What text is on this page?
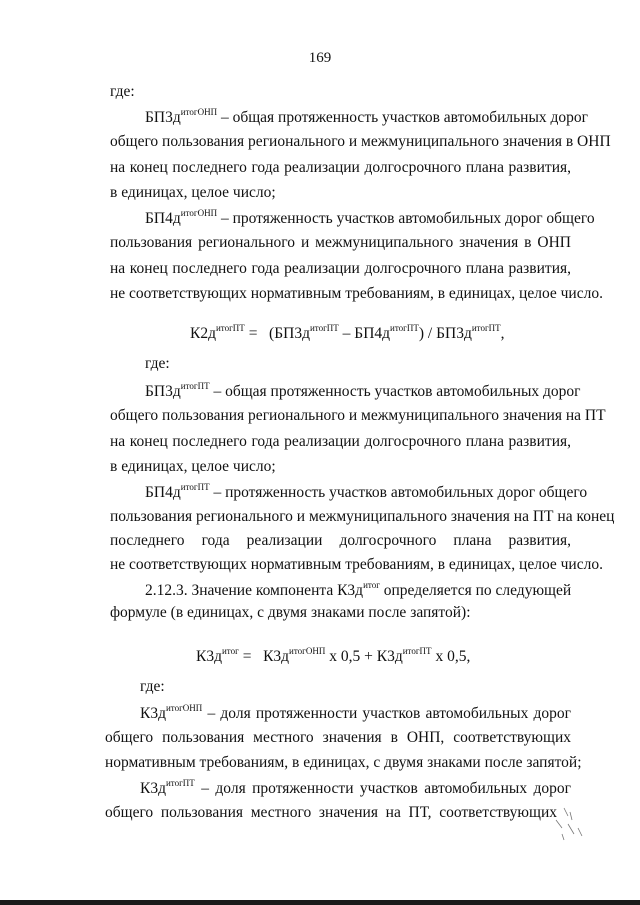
169
где:
$БП3д^{итогОНП}$ – общая протяженность участков автомобильных дорог
общего пользования регионального и межмуниципального значения в ОНП
на конец последнего года реализации долгосрочного плана развития,
в единицах, целое число;
$БП4д^{итогОНП}$ – протяженность участков автомобильных дорог общего
пользования регионального и межмуниципального значения в ОНП
на конец последнего года реализации долгосрочного плана развития,
не соответствующих нормативным требованиям, в единицах, целое число.
$К2д^{итогПТ} = (БП3д^{итогПТ} - БП4д^{итогПТ}) / БП3д^{итогПТ}$,
где:
$БП3д^{итогПТ}$ – общая протяженность участков автомобильных дорог
общего пользования регионального и межмуниципального значения на ПТ
на конец последнего года реализации долгосрочного плана развития,
в единицах, целое число;
$БП4д^{итогПТ}$ – протяженность участков автомобильных дорог общего
пользования регионального и межмуниципального значения на ПТ на конец
последнего года реализации долгосрочного плана развития,
не соответствующих нормативным требованиям, в единицах, целое число.
2.12.3. Значение компонента $К3д^{итог}$ определяется по следующей
формуле (в единицах, с двумя знаками после запятой):
$К3д^{итог} = К3д^{итогОНП}$ х $0,5 + К3д^{итогПТ}$ х 0,5,
где:
$К3д^{итогОНП}$ – доля протяженности участков автомобильных дорог
общего пользования местного значения в ОНП, соответствующих
нормативным требованиям, в единицах, с двумя знаками после запятой;
$К3д^{итогПТ}$ – доля протяженности участков автомобильных дорог
общего пользования местного значения на ПТ, соответствующих
